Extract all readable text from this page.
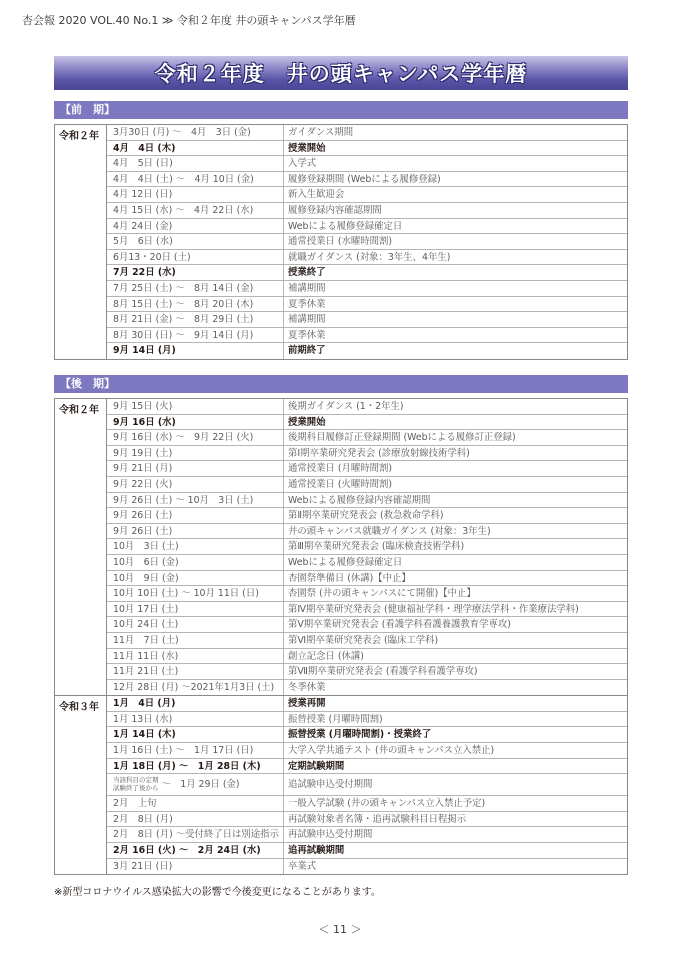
杏会報 2020 VOL.40 No.1 ≫ 令和２年度 井の頭キャンパス学年暦
令和２年度　井の頭キャンパス学年暦
【前　期】
令和２年	3月30日 (月) ～　4月　3日 (金)	ガイダンス期間
4月　4日 (木)	授業開始
4月　5日 (日)	入学式
4月　4日 (土) ～　4月 10日 (金)	履修登録期間 (Webによる履修登録)
4月 12日 (日)	新入生歓迎会
4月 15日 (水) ～　4月 22日 (水)	履修登録内容確認期間
4月 24日 (金)	Webによる履修登録確定日
5月　6日 (水)	通常授業日 (水曜時間割)
6月13・20日 (土)	就職ガイダンス (対象：3年生、4年生)
7月 22日 (水)	授業終了
7月 25日 (土) ～　8月 14日 (金)	補講期間
8月 15日 (土) ～　8月 20日 (木)	夏季休業
8月 21日 (金) ～　8月 29日 (土)	補講期間
8月 30日 (日) ～　9月 14日 (月)	夏季休業
9月 14日 (月)	前期終了
【後　期】
令和２年	9月 15日 (火)	後期ガイダンス (1・2年生)
9月 16日 (水)	授業開始
9月 16日 (水) ～　9月 22日 (火)	後期科目履修訂正登録期間 (Webによる履修訂正登録)
9月 19日 (土)	第Ⅰ期卒業研究発表会 (診療放射線技術学科)
9月 21日 (月)	通常授業日 (月曜時間割)
9月 22日 (火)	通常授業日 (火曜時間割)
9月 26日 (土) ～ 10月　3日 (土)	Webによる履修登録内容確認期間
9月 26日 (土)	第Ⅱ期卒業研究発表会 (救急救命学科)
9月 26日 (土)	井の頭キャンパス就職ガイダンス (対象：3年生)
10月　3日 (土)	第Ⅲ期卒業研究発表会 (臨床検査技術学科)
10月　6日 (金)	Webによる履修登録確定日
10月　9日 (金)	杏園祭準備日 (休講)【中止】
10月 10日 (土) ～ 10月 11日 (日)	杏園祭 (井の頭キャンパスにて開催)【中止】
10月 17日 (土)	第Ⅳ期卒業研究発表会 (健康福祉学科・理学療法学科・作業療法学科)
10月 24日 (土)	第Ⅴ期卒業研究発表会 (看護学科看護養護教育学専攻)
11月　7日 (土)	第Ⅵ期卒業研究発表会 (臨床工学科)
11月 11日 (水)	創立記念日 (休講)
11月 21日 (土)	第Ⅶ期卒業研究発表会 (看護学科看護学専攻)
12月 28日 (月) ～2021年1月3日 (土)	冬季休業
令和３年	1月　4日 (月)	授業再開
1月 13日 (水)	振替授業 (月曜時間割)
1月 14日 (木)	振替授業 (月曜時間割)・授業終了
1月 16日 (土) ～　1月 17日 (日)	大学入学共通テスト (井の頭キャンパス立入禁止)
1月 18日 (月) ～　1月 28日 (木)	定期試験期間
当該科目の定期
試験終了後から ～　1月 29日 (金)	追試験申込受付期間
2月　上旬	一般入学試験 (井の頭キャンパス立入禁止予定)
2月　8日 (月)	再試験対象者名簿・追再試験科目日程掲示
2月　8日 (月) ～受付終了日は別途指示 再試験申込受付期間
2月 16日 (火) ～　2月 24日 (水)	追再試験期間
3月 21日 (日)	卒業式
※新型コロナウイルス感染拡大の影響で今後変更になることがあります。
＜ 11 ＞
